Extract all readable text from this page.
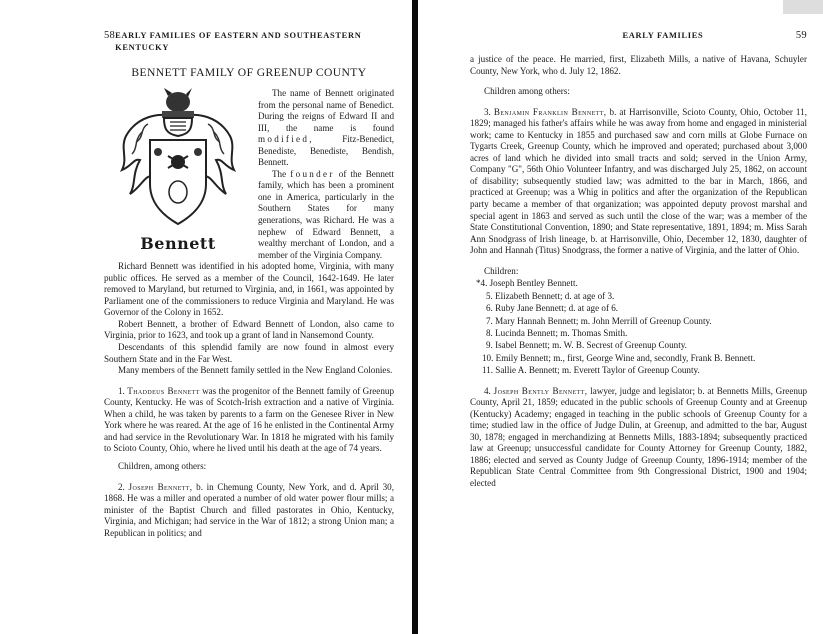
58 EARLY FAMILIES OF EASTERN AND SOUTHEASTERN KENTUCKY
BENNETT FAMILY OF GREENUP COUNTY
Bennett

The name of Bennett originated from the personal name of Benedict. During the reigns of Edward II and III, the name is found modified,	Fitz-Benedict, Benediste, Benediste, Bendish, Bennett.

The founder of the Bennett family, which has been a prominent one in America, particularly in the Southern States for many generations, was Richard. He was a nephew of Edward Bennett, a wealthy merchant of London, and a member of the Virginia Company.

Richard Bennett was identified in his adopted home, Virginia, with many public offices. He served as a member of the Council, 1642-1649. He later removed to Maryland, but returned to Virginia, and, in 1661, was appointed by Parliament one of the commissioners to reduce Virginia and Maryland. He was Governor of the Colony in 1652.

Robert Bennett, a brother of Edward Bennett of London, also came to Virginia, prior to 1623, and took up a grant of land in Nansemond County.

Descendants of this splendid family are now found in almost every Southern State and in the Far West.

Many members of the Bennett family settled in the New England Colonies.

1. Thaddeus Bennett was the progenitor of the Bennett family of Greenup County, Kentucky. He was of Scotch-Irish extraction and a native of Virginia. When a child, he was taken by parents to a farm on the Genesee River in New York where he was reared. At the age of 16 he enlisted in the Continental Army and had service in the Revolutionary War. In 1818 he migrated with his family to Scioto County, Ohio, where he lived until his death at the age of 74 years.

Children, among others:

2. Joseph Bennett, b. in Chemung County, New York, and d. April 30, 1868. He was a miller and operated a number of old water power flour mills; a minister of the Baptist Church and filled pastorates in Ohio, Kentucky, Virginia, and Michigan; had service in the War of 1812; a strong Union man; a Republican in politics; and

EARLY FAMILIES	59

a justice of the peace. He married, first, Elizabeth Mills, a native of Havana, Schuyler County, New York, who d. July 12, 1862.

Children among others:

3. Benjamin Franklin Bennett, b. at Harrisonville, Scioto County, Ohio, October 11, 1829; managed his father's affairs while he was away from home and engaged in ministerial work; came to Kentucky in 1855 and purchased saw and corn mills at Globe Furnace on Tygarts Creek, Greenup County, which he improved and operated; purchased about 3,000 acres of land which he divided into small tracts and sold; served in the Union Army, Company "G", 56th Ohio Volunteer Infantry, and was discharged July 25, 1862, on account of disability; subsequently studied law; was admitted to the bar in March, 1866, and practiced at Greenup; was a Whig in politics and after the organization of the Republican party became a member of that organization; was appointed deputy provost marshal and special agent in 1863 and served as such until the close of the war; was a member of the State Constitutional Convention, 1890; and State representative, 1891, 1894; m. Miss Sarah Ann Snodgrass of Irish lineage, b. at Harrisonville, Ohio, December 12, 1830, daughter of John and Hannah (Titus) Snodgrass, the former a native of Virginia, and the latter of Ohio.

Children:

*4. Joseph Bentley Bennett.
5. Elizabeth Bennett; d. at age of 3.
6. Ruby Jane Bennett; d. at age of 6.
7. Mary Hannah Bennett; m. John Merrill of Greenup County.
8. Lucinda Bennett; m. Thomas Smith.
9. Isabel Bennett; m. W. B. Secrest of Greenup County.
10. Emily Bennett; m., first, George Wine and, secondly, Frank B. Bennett.
11. Sallie A. Bennett; m. Everett Taylor of Greenup County.

4. Joseph Bently Bennett, lawyer, judge and legislator; b. at Bennetts Mills, Greenup County, April 21, 1859; educated in the public schools of Greenup County and at Greenup (Kentucky) Academy; engaged in teaching in the public schools of Greenup County for a time; studied law in the office of Judge Dulin, at Greenup, and admitted to the bar, August 30, 1878; engaged in merchandizing at Bennetts Mills, 1883-1894; subsequently practiced law at Greenup; unsuccessful candidate for County Attorney for Greenup County, 1882, 1886; elected and served as County Judge of Greenup County, 1896-1914; member of the Republican State Central Committee from 9th Congressional District, 1900 and 1904; elected
